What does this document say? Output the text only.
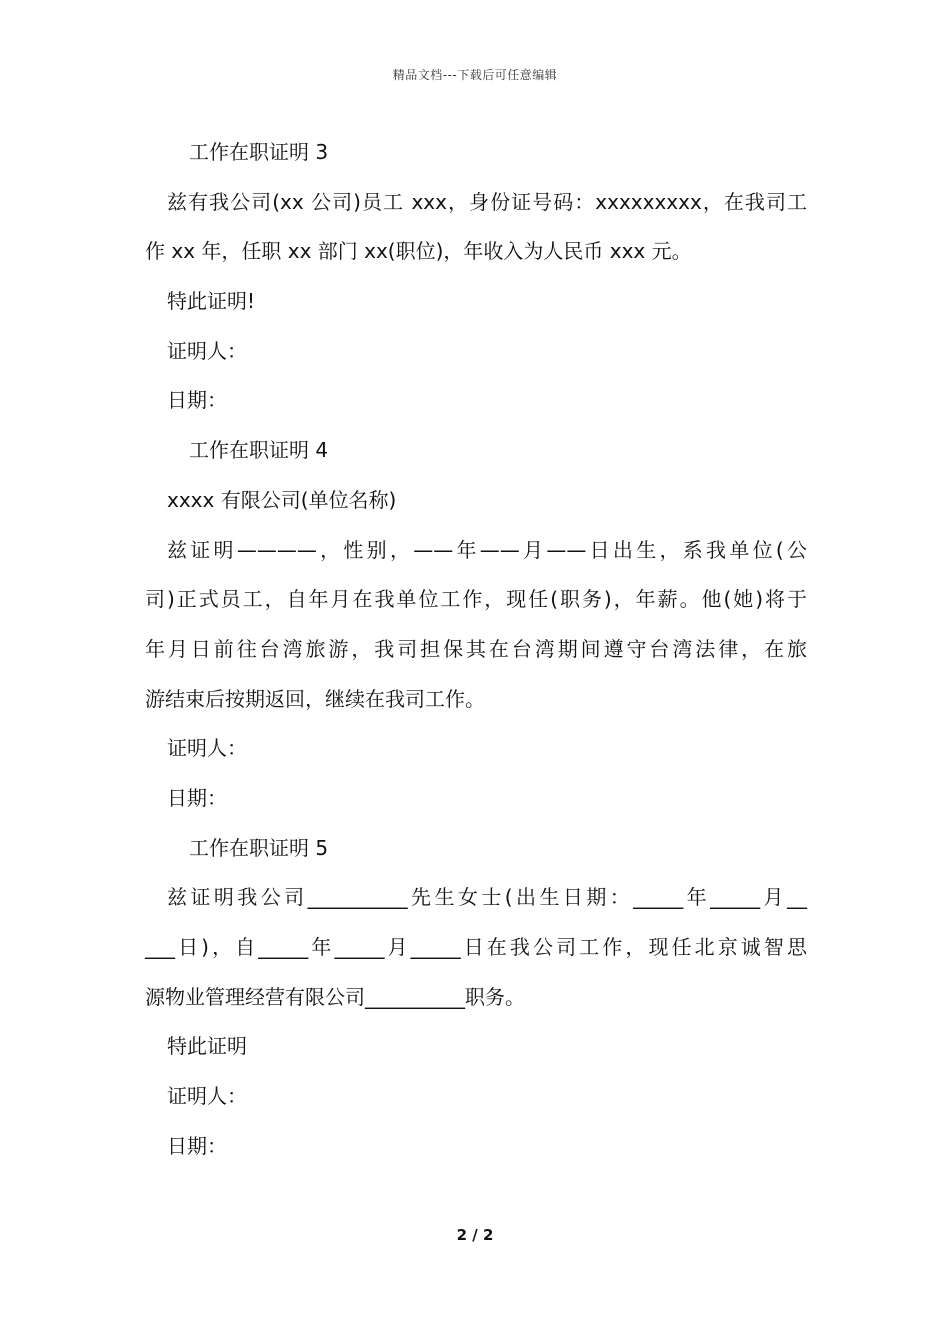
精品文档---下载后可任意编辑
工作在职证明 3
兹有我公司(xx 公司)员工 xxx，身份证号码：xxxxxxxxx，在我司工
作 xx 年，任职 xx 部门 xx(职位)，年收入为人民币 xxx 元。
特此证明!
证明人：
日期：
工作在职证明 4
xxxx 有限公司(单位名称)
兹证明————，性别，——年——月——日出生，系我单位(公
司)正式员工，自年月在我单位工作，现任(职务)，年薪。他(她)将于
年月日前往台湾旅游，我司担保其在台湾期间遵守台湾法律，在旅
游结束后按期返回，继续在我司工作。
证明人：
日期：
工作在职证明 5
兹证明我公司__________先生女士(出生日期：_____年_____月__
___日)，自_____年_____月_____日在我公司工作，现任北京诚智思
源物业管理经营有限公司__________职务。
特此证明
证明人：
日期：
2 / 2
